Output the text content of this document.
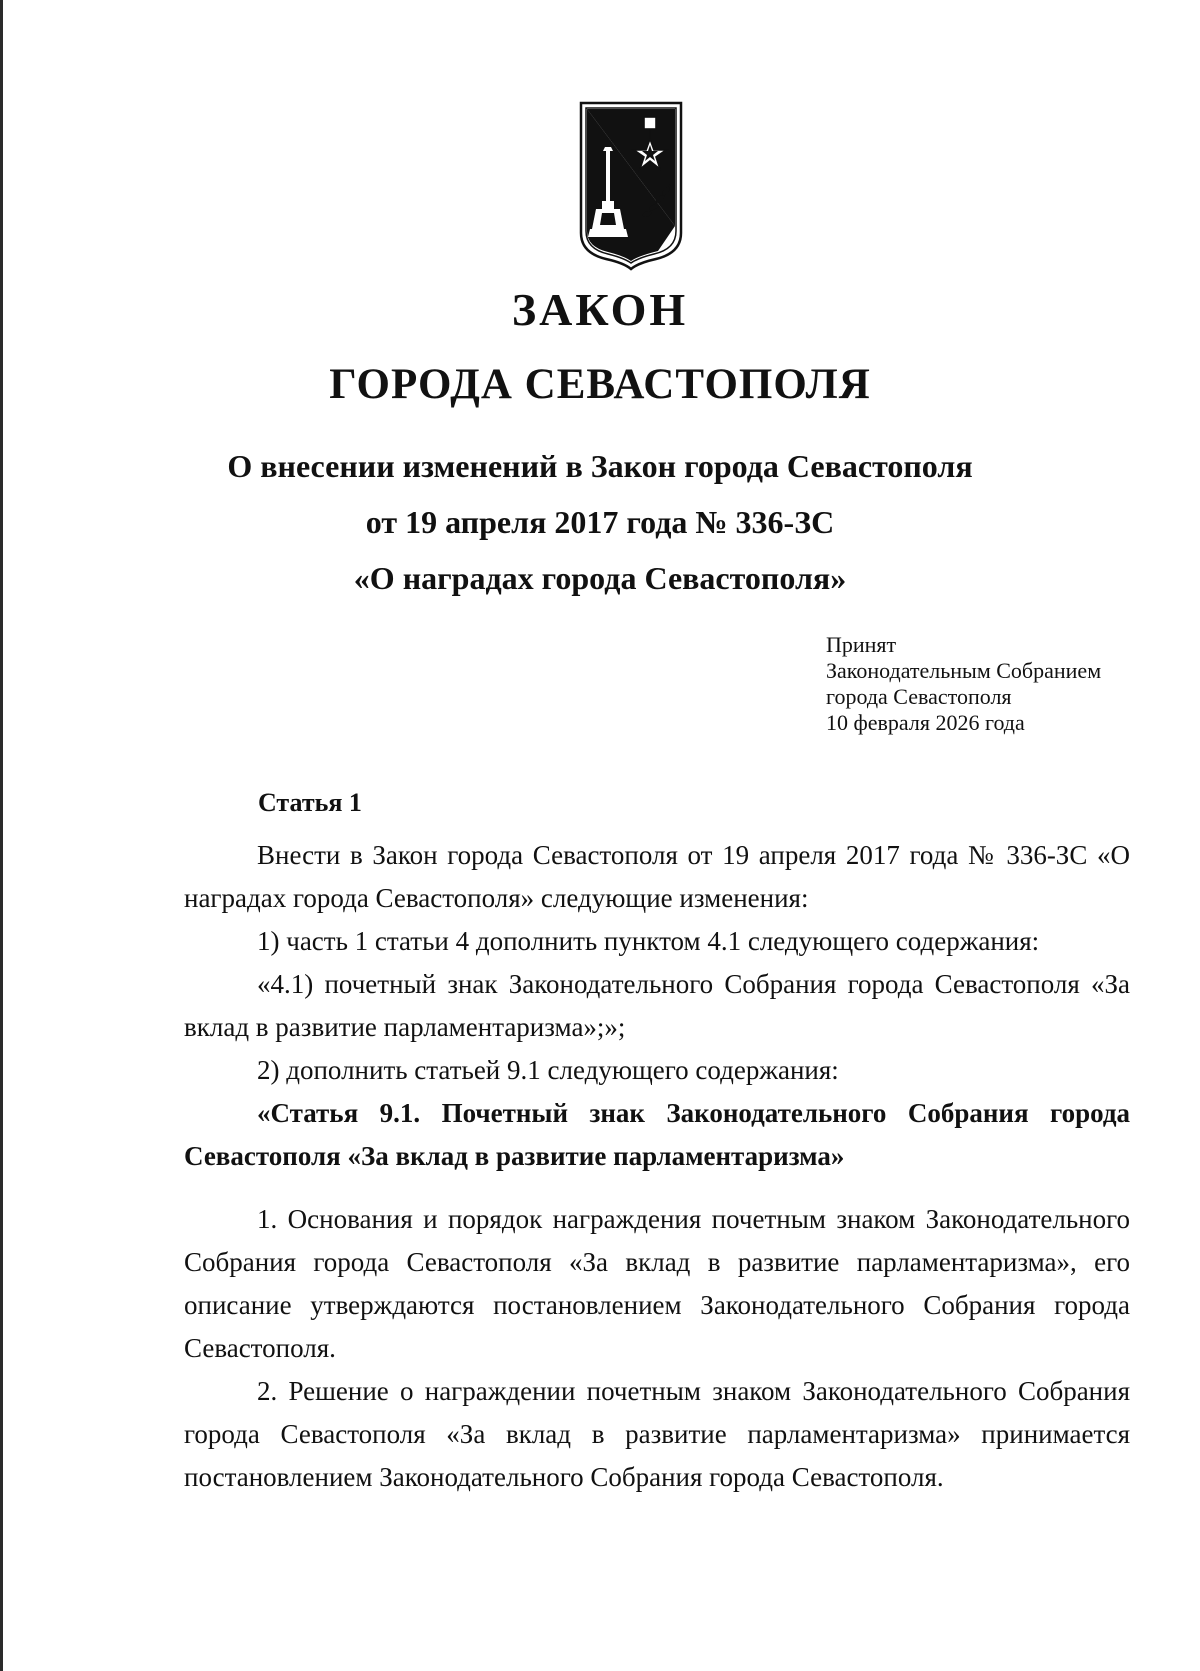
ЗАКОН
ГОРОДА СЕВАСТОПОЛЯ
О внесении изменений в Закон города Севастополя
от 19 апреля 2017 года № 336-ЗС
«О наградах города Севастополя»
Принят
Законодательным Собранием
города Севастополя
10 февраля 2026 года
Статья 1

Внести в Закон города Севастополя от 19 апреля 2017 года № 336-ЗС «О наградах города Севастополя» следующие изменения:

1) часть 1 статьи 4 дополнить пунктом 4.1 следующего содержания:

«4.1) почетный знак Законодательного Собрания города Севастополя «За вклад в развитие парламентаризма»;»;

2) дополнить статьей 9.1 следующего содержания:

«Статья 9.1. Почетный знак Законодательного Собрания города Севастополя «За вклад в развитие парламентаризма»

1. Основания и порядок награждения почетным знаком Законодательного Собрания города Севастополя «За вклад в развитие парламентаризма», его описание утверждаются постановлением Законодательного Собрания города Севастополя.

2. Решение о награждении почетным знаком Законодательного Собрания города Севастополя «За вклад в развитие парламентаризма» принимается постановлением Законодательного Собрания города Севастополя.
